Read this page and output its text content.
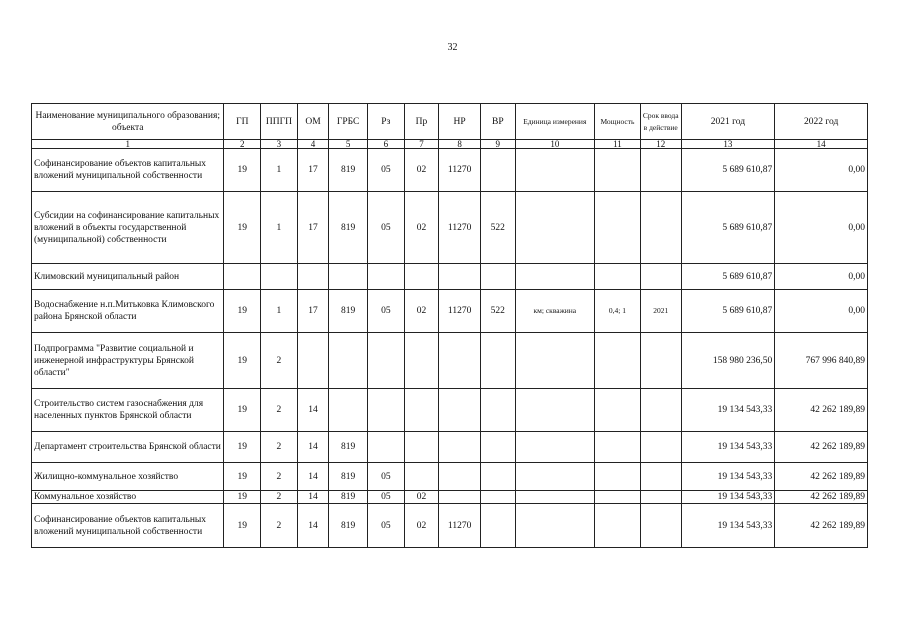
32
Наименование муниципального образования; объекта	ГП	ППГП	ОМ	ГРБС	Рз	Пр	НР	ВР	Единица измерения	Мощность	Срок ввода в действие	2021 год	2022 год
1	2	3	4	5	6	7	8	9	10	11	12	13	14
Софинансирование объектов капитальных вложений муниципальной собственности	19	1	17	819	05	02	11270					5 689 610,87	0,00
Субсидии на софинансирование капитальных вложений в объекты государственной (муниципальной) собственности	19	1	17	819	05	02	11270	522				5 689 610,87	0,00
Климовский муниципальный район												5 689 610,87	0,00
Водоснабжение н.п.Митьковка Климовского района Брянской области	19	1	17	819	05	02	11270	522	км; скважина	0,4; 1	2021	5 689 610,87	0,00
Подпрограмма "Развитие социальной и инженерной инфраструктуры Брянской области"	19	2										158 980 236,50	767 996 840,89
Строительство систем газоснабжения для населенных пунктов Брянской области	19	2	14									19 134 543,33	42 262 189,89
Департамент строительства Брянской области	19	2	14	819								19 134 543,33	42 262 189,89
Жилищно-коммунальное хозяйство	19	2	14	819	05							19 134 543,33	42 262 189,89
Коммунальное хозяйство	19	2	14	819	05	02						19 134 543,33	42 262 189,89
Софинансирование объектов капитальных вложений муниципальной собственности	19	2	14	819	05	02	11270					19 134 543,33	42 262 189,89
